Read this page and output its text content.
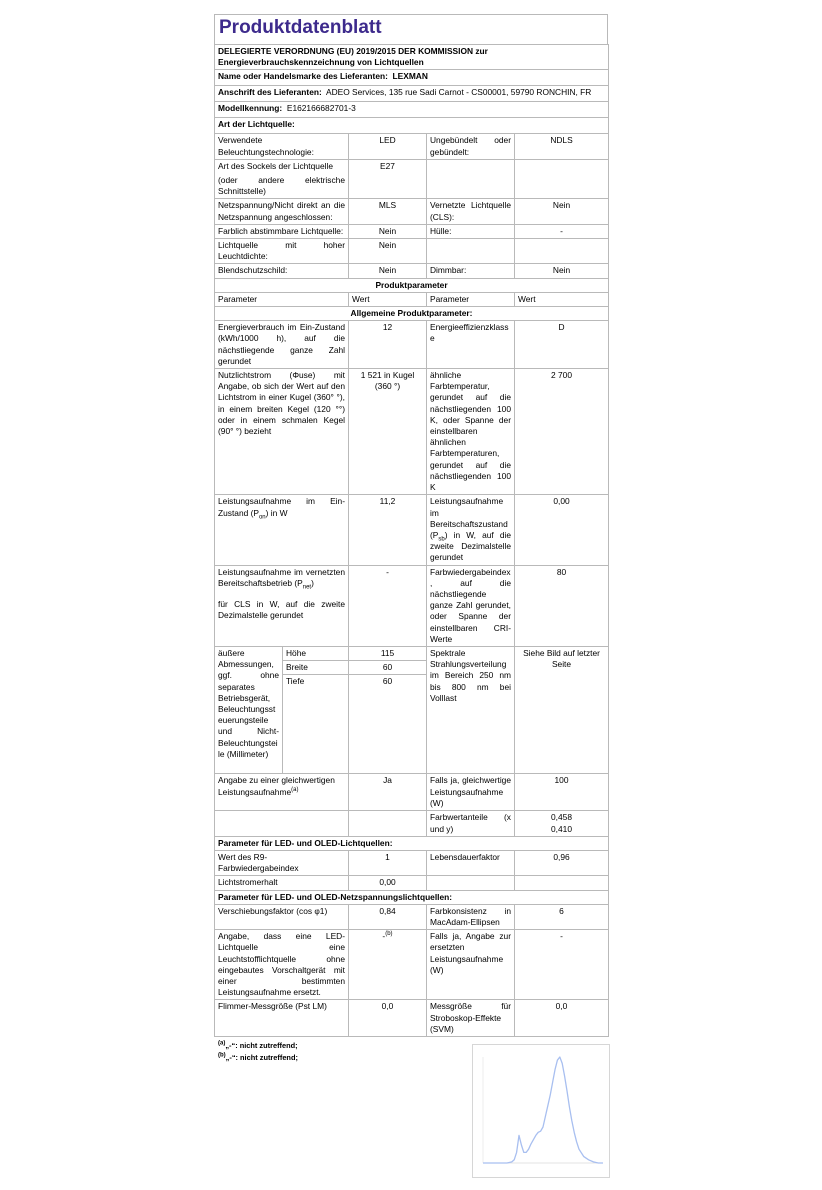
Produktdatenblatt
DELEGIERTE VERORDNUNG (EU) 2019/2015 DER KOMMISSION zur Energieverbrauchskennzeichnung von Lichtquellen				
Name oder Handelsmarke des Lieferanten: LEXMAN				
Anschrift des Lieferanten: ADEO Services, 135 rue Sadi Carnot - CS00001, 59790 RONCHIN, FR				
Modellkennung: E162166682701-3				
Art der Lichtquelle:				
Verwendete Beleuchtungstechnologie:		LED	Ungebündelt oder gebündelt:	NDLS

Art des Sockels der Lichtquelle
(oder andere elektrische Schnittstelle)		E27		
Netzspannung/Nicht direkt an die Netzspannung angeschlossen:		MLS	Vernetzte Lichtquelle (CLS):	Nein
Farblich abstimmbare Lichtquelle:		Nein	Hülle:	-
Lichtquelle mit hoher Leuchtdichte:		Nein		
Blendschutzschild:		Nein	Dimmbar:	Nein
Produktparameter				
Parameter		Wert	Parameter	Wert
Allgemeine Produktparameter:				
Energieverbrauch im Ein-Zustand (kWh/1000 h), auf die nächstliegende ganze Zahl gerundet		12	Energieeffizienzklasse	D
Nutzlichtstrom (Φuse) mit Angabe, ob sich der Wert auf den Lichtstrom in einer Kugel (360° °), in einem breiten Kegel (120 °°) oder in einem schmalen Kegel (90° °) bezieht		1 521 in Kugel (360 °)	ähnliche Farbtemperatur, gerundet auf die nächstliegenden 100 K, oder Spanne der einstellbaren ähnlichen Farbtemperaturen, gerundet auf die nächstliegenden 100 K	2 700
Leistungsaufnahme im Ein-Zustand $(P_{on})$ in W		11,2	Leistungsaufnahme im Bereitschaftszustand $(P_{sb})$ in W, auf die zweite Dezimalstelle gerundet	0,00

Leistungsaufnahme im vernetzten Bereitschaftsbetrieb $(P_{net})$
für CLS in W, auf die zweite Dezimalstelle gerundet		-	Farbwiedergabeindex, auf die nächstliegende ganze Zahl gerundet, oder Spanne der einstellbaren CRI-Werte	80
äußere Abmessungen, ggf. ohne separates Betriebsgerät, Beleuchtungssteuerungsteile und Nicht-Beleuchtungsteile (Millimeter)	Höhe	115	Spektrale Strahlungsverteilung im Bereich 250 nm bis 800 nm bei Volllast	Siehe Bild auf letzter Seite
	Breite	60		
	Tiefe	60		
Angabe zu einer gleichwertigen Leistungsaufnahme$^{(a)}$		Ja	Falls ja, gleichwertige Leistungsaufnahme (W)	100
			Farbwertanteile (x und y)	0,458
0,410

Parameter für LED- und OLED-Lichtquellen:				
Wert des R9-Farbwiedergabeindex		1	Lebensdauerfaktor	0,96
Lichtstromerhalt		0,00		
Parameter für LED- und OLED-Netzspannungslichtquellen:				
Verschiebungsfaktor (cos φ1)		0,84	Farbkonsistenz in MacAdam-Ellipsen	6
Angabe, dass eine LED-Lichtquelle eine Leuchtstofflichtquelle ohne eingebautes Vorschaltgerät mit einer bestimmten Leistungsaufnahme ersetzt.		-$^{(b)}$	Falls ja, Angabe zur ersetzten Leistungsaufnahme (W)	-
Flimmer-Messgröße (Pst LM)		0,0	Messgröße für Stroboskop-Effekte (SVM)	0,0
$^{(a)}$„-“: nicht zutreffend;
$^{(b)}$„-“: nicht zutreffend;
